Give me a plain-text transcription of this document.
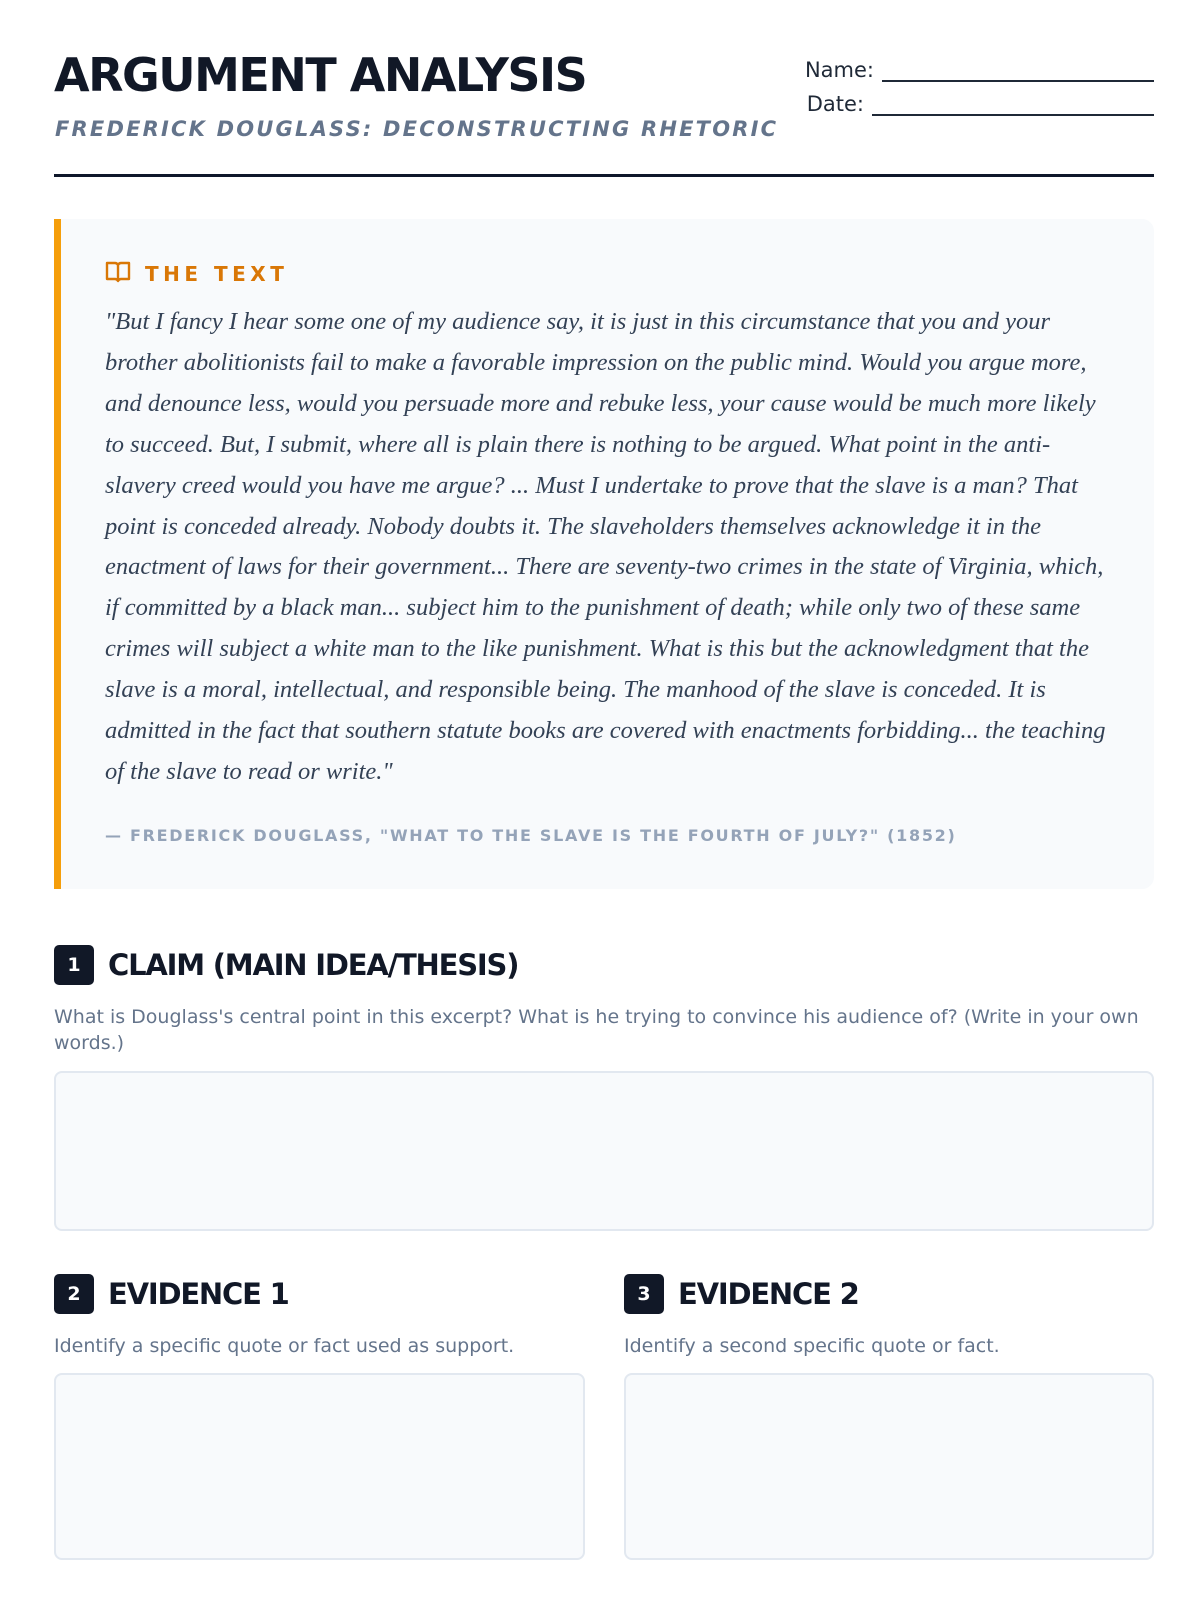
ARGUMENT ANALYSIS
FREDERICK DOUGLASS: DECONSTRUCTING RHETORIC
Name:
Date:
THE TEXT

"But I fancy I hear some one of my audience say, it is just in this circumstance that you and your brother abolitionists fail to make a favorable impression on the public mind. Would you argue more, and denounce less, would you persuade more and rebuke less, your cause would be much more likely to succeed. But, I submit, where all is plain there is nothing to be argued. What point in the anti-slavery creed would you have me argue? ... Must I undertake to prove that the slave is a man? That point is conceded already. Nobody doubts it. The slaveholders themselves acknowledge it in the enactment of laws for their government... There are seventy-two crimes in the state of Virginia, which, if committed by a black man... subject him to the punishment of death; while only two of these same crimes will subject a white man to the like punishment. What is this but the acknowledgment that the slave is a moral, intellectual, and responsible being. The manhood of the slave is conceded. It is admitted in the fact that southern statute books are covered with enactments forbidding... the teaching of the slave to read or write."

— FREDERICK DOUGLASS, "WHAT TO THE SLAVE IS THE FOURTH OF JULY?" (1852)
1 CLAIM (MAIN IDEA/THESIS)
What is Douglass's central point in this excerpt? What is he trying to convince his audience of? (Write in your own words.)
2 EVIDENCE 1
Identify a specific quote or fact used as support.
3 EVIDENCE 2
Identify a second specific quote or fact.
